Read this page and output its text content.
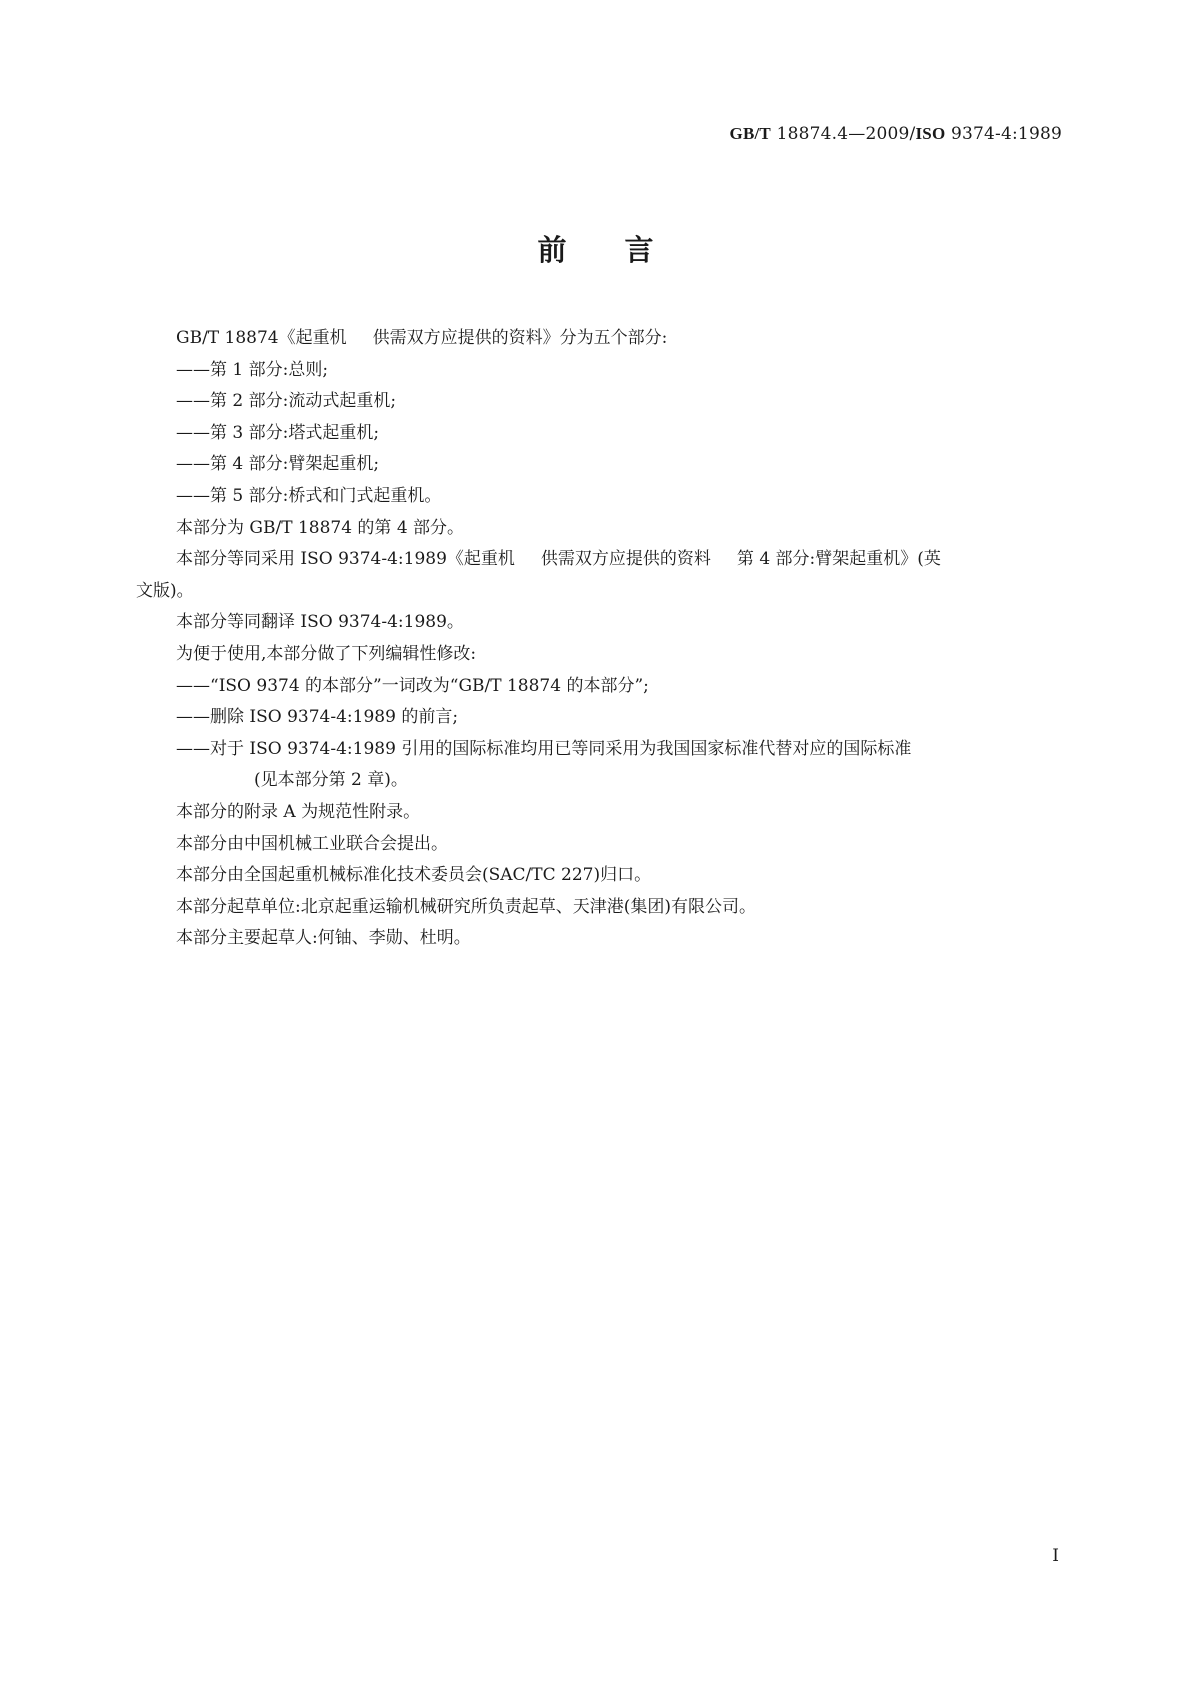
GB/T 18874.4—2009/ISO 9374-4:1989
前言

GB/T 18874《起重机 供需双方应提供的资料》分为五个部分:

——第 1 部分:总则;

——第 2 部分:流动式起重机;

——第 3 部分:塔式起重机;

——第 4 部分:臂架起重机;

——第 5 部分:桥式和门式起重机。

本部分为 GB/T 18874 的第 4 部分。

本部分等同采用 ISO 9374-4:1989《起重机 供需双方应提供的资料 第 4 部分:臂架起重机》(英
文版)。

本部分等同翻译 ISO 9374-4:1989。

为便于使用,本部分做了下列编辑性修改:

——“ISO 9374 的本部分”一词改为“GB/T 18874 的本部分”;

——删除 ISO 9374-4:1989 的前言;

——对于 ISO 9374-4:1989 引用的国际标准均用已等同采用为我国国家标准代替对应的国际标准
(见本部分第 2 章)。

本部分的附录 A 为规范性附录。

本部分由中国机械工业联合会提出。

本部分由全国起重机械标准化技术委员会(SAC/TC 227)归口。

本部分起草单位:北京起重运输机械研究所负责起草、天津港(集团)有限公司。

本部分主要起草人:何铀、李勋、杜明。

I
